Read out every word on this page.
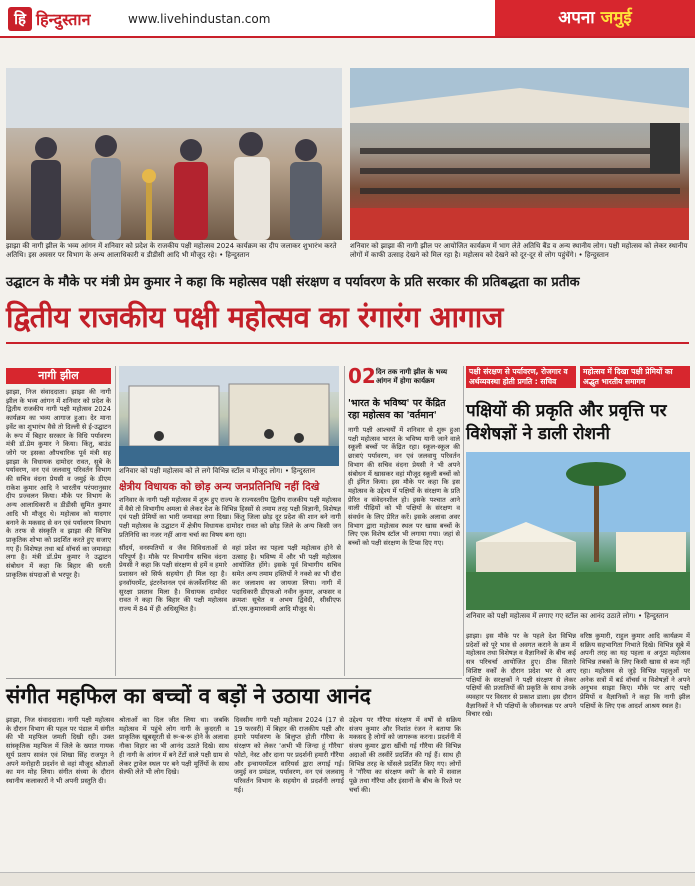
हि हिन्दुस्तान	www.livehindustan.com	अपना जमुई
झाझा की नागी झील के भव्य आंगन में शनिवार को प्रदेश के राजकीय पक्षी महोत्सव 2024 कार्यक्रम का दीप जलाकर शुभारंभ करते अतिथि। इस अवसर पर विभाग के अन्य आलाधिकारी व डीडीसी आदि भी मौजूद रहे। • हिन्दुस्तान
शनिवार को झाझा की नागी झील पर आयोजित कार्यक्रम में भाग लेते अतिथि बैंड व अन्य स्थानीय लोग। पक्षी महोत्सव को लेकर स्थानीय लोगों में काफी उत्साह देखने को मिल रहा है। महोत्सव को देखने को दूर-दूर से लोग पहुंचेंगे। • हिन्दुस्तान
उद्घाटन के मौके पर मंत्री प्रेम कुमार ने कहा कि महोत्सव पक्षी संरक्षण व पर्यावरण के प्रति सरकार की प्रतिबद्धता का प्रतीक
द्वितीय राजकीय पक्षी महोत्सव का रंगारंग आगाज
नागी झील
झाझा, निज संवाददाता। झाझा की नागी झील के भव्य आंगन में शनिवार को प्रदेश के द्वितीय राजकीय नागी पक्षी महोत्सव 2024 कार्यक्रम का भव्य आगाज हुआ। देर माना इवेंट का शुभारंभ वैसे तो दिल्ली से ई-उद्घाटन के रूप में बिहार सरकार के विधि पर्यावरण मंत्री डॉ.प्रेम कुमार ने किया। किंतु, बाउंड जोगे पर इसका औपचारिक पूर्व मंत्री सह झाझा के विधायक दामोदर रावत, सुबे के पर्यावरण, वन एवं जलवायु परिवर्तन विभाग की सचिव वंदना प्रेयसी व जमुई के डीएम राकेश कुमार आदि ने भारतीय परंपरानुसार दीप प्रज्वलन किया। मौके पर विभाग के अन्य आलाधिकारी व डीडीसी सुमित कुमार आदि भी मौजूद थे। महोत्सव को यादगार बनाने के मकसद से वन एवं पर्यावरण विभाग के तरफ से संस्कृति व झाझा की विभिन्न प्राकृतिक शोभा को प्रदर्शित करते हुए सजाए गए हैं। विशेषज्ञ तथा बर्ड वॉचर्स का जमावड़ा लगा है। मंत्री डॉ.प्रेम कुमार ने उद्घाटन संबोधन में कहा कि बिहार की धरती प्राकृतिक संपदाओं से भरपूर है।
शनिवार को पक्षी महोत्सव को ले लगे विभिन्न स्टॉल व मौजूद लोग। • हिन्दुस्तान
क्षेत्रीय विधायक को छोड़ अन्य जनप्रतिनिधि नहीं दिखे
शनिवार के नागी पक्षी महोत्सव में शुरू हुए राज्य के राज्यस्तरीय द्वितीय राजकीय पक्षी महोत्सव में वैसे तो विभागीय अमला से लेकर देश के विभिन्न हिस्सों से तमाम तरह पक्षी विज्ञानी, विशेषज्ञ एवं पक्षी प्रेमियों का भारी जमावड़ा लगा दिखा। किंतु जिला छोड़ दूर प्रदेश की शान बने नागी पक्षी महोत्सव के उद्घाटन में क्षेत्रीय विधायक दामोदर रावत को छोड़ जिले के अन्य किसी जन प्रतिनिधि का नजर नहीं आना चर्चा का विषय बना रहा।
सौंदर्य, वनस्पतियों व जैव विविधताओं से परिपूर्ण है। मौके पर विभागीय सचिव वंदना प्रेयसी ने कहा कि पक्षी संरक्षण से हमें व हमारे प्रशासन को सिर्फ सहयोग ही मिल रहा है। इनवॉयरमेंट, इंटरनेशनल एवं कंजर्वेशनिस्ट की सुरक्षा प्रस्ताव मिला है। विधायक दामोदर रावत ने कहा कि बिहार की पक्षी महोत्सव राज्य में 84 में ही अधिसूचित है।
वहां प्रदेश का पहला पक्षी महोत्सव होने से उत्साह है। भविष्य में और भी पक्षी महोत्सव आयोजित होंगे। इसके पूर्व विभागीय सचिव समेत अन्य तमाम हस्तियों ने नक्शे का भी दौरा कर जलाशय का जायजा लिया। नागी में पदाधिकारी डीएफओ नवीन कुमार, अफसर व क्रमशः सूचेत व अभय द्विवेदी, सीसीएफ डॉ.एस.कुमारस्वामी आदि मौजूद थे।
02 दिन तक नागी झील के भव्य आंगन में होगा कार्यक्रम
'भारत के भविष्य' पर केंद्रित रहा महोत्सव का 'वर्तमान'
नागी पक्षी आश्चर्यों में शनिवार से शुरू हुआ पक्षी महोत्सव भारत के भविष्य यानी जाने वाले स्कूली बच्चों पर केंद्रित रहा। स्कूल-स्कूल की छात्राएं पर्यावरण, वन एवं जलवायु परिवर्तन विभाग की सचिव वंदना प्रेयसी ने भी अपने संबोधन में खासकर वहां मौजूद स्कूली बच्चों को ही इंगित किया। इस मौके पर कहा कि इस महोत्सव के उद्देश्य में पक्षियों के संरक्षण के प्रति प्रेरित व संवेदनशील हो। इसके पश्चात आने वाली पीढ़ियों को भी पक्षियों के संरक्षण व संवर्धन के लिए प्रेरित करें। इसके अलावा अवर विभाग द्वारा महोत्सव स्थल पर खास बच्चों के लिए एक विशेष स्टॉल भी लगाया गया। जहां से बच्चों को पक्षी संरक्षण के टिप्स दिए गए।
पक्षी संरक्षण से पर्यावरण, रोजगार व अर्थव्यवस्था होती प्रगति : सचिव
महोत्सव में दिखा पक्षी प्रेमियों का अद्भुत भारतीय समागम
पक्षियों की प्रकृति और प्रवृत्ति पर विशेषज्ञों ने डाली रोशनी
शनिवार को पक्षी महोत्सव में लगाए गए स्टॉल का आनंद उठाते लोग। • हिन्दुस्तान
झाझा। इस मौके पर के पहले देश विभिन्न प्रदेशों को पूरे भाव से अवगत कराने के क्रम में महोत्सव तथा विशेषज्ञ व वैज्ञानिकों के बीच कई सत्र परिचर्चा आयोजित हुए। ठीक सितारे विशिष्ट वर्कों के दौरान प्रदेश भर से आए पक्षियों के सरक्षकों ने पक्षी संरक्षण से लेकर पक्षियों की प्रजातियों की प्रकृति के साथ उनके व्यवहार पर विस्तार से प्रकाश डाला। इस दौरान वैज्ञानिकों ने भी पक्षियों के जीवनचक्र पर अपने विचार रखे।
वरिष्ठ कुमारी, राहुल कुमार आदि कार्यक्रम में सक्रिय सहभागिता निभाते दिखे। विभिन्न सूबे में अपनी तरह का यह पहला व अनूठा महोत्सव विभिन्न तबकों के लिए किसी खास से कम नहीं रहा। महोत्सव से जुड़े विभिन्न पहलुओं पर अनेक सत्रों में बर्ड वॉचर्स व विशेषज्ञों ने अपने अनुभव साझा किए। मौके पर आए पक्षी प्रेमियों व वैज्ञानिकों ने कहा कि नागी झील पक्षियों के लिए एक आदर्श आश्रय स्थल है।
संगीत महफिल का बच्चों व बड़ों ने उठाया आनंद
झाझा, निज संवाददाता। नागी पक्षी महोत्सव के दौरान विभाग की पहल पर पंडाल में संगीत की भी महफिल जमती दिखी रही। उक्त सांस्कृतिक महफिल में जिले के ख्यात गायक सूर्य प्रताप सावंत एवं शिखा सिंह राजपूत ने अपने मनोहारी प्रदर्शन से वहां मौजूद श्रोताओं का मन मोह लिया। संगीत संध्या के दौरान स्थानीय कलाकारों ने भी अपनी प्रस्तुति दी।
श्रोताओं का दिल जीत लिया था। जबकि महोत्सव में पहुंचे लोग नागी के कुदरती व प्राकृतिक खूबसूरती से रू-ब-रू होने के अलावा नौका विहार का भी आनंद उठाते दिखे। साथ ही नागी के आंगन में बने टेंटों वाले पक्षी ग्राम से लेकर ट्रावेल स्थल पर बने पक्षी मूर्तियों के साथ सेल्फी लेते भी लोग दिखे।
दिवसीय नागी पक्षी महोत्सव 2024 (17 से 19 फरवरी) में बिहार की राजकीय पक्षी और हमारे पर्यावरण के बिलुप्त होती गौरैया के संरक्षण को लेकर 'अभी भी जिन्दा हूं गौरैया' फोटो, नेस्ट और दाना पर प्रदर्शनी हमारी गौरैया और इन्वायरमेंटल वारियर्स द्वारा लगाई गई। जमुई वन प्रमंडल, पर्यावरण, वन एवं जलवायु परिवर्तन विभाग के सहयोग से प्रदर्शनी लगाई गई।
उद्देश्य पर गौरैया संरक्षण में वर्षों से सक्रिय संजय कुमार और निशांत रंजन ने बताया कि मकसद है लोगों को जागरूक करना। प्रदर्शनी में संजय कुमार द्वारा खींची गई गौरैया की विभिन्न अदाओं की तस्वीरें प्रदर्शित की गई हैं। साथ ही विभिन्न तरह के घोंसले प्रदर्शित किए गए। लोगों ने 'गौरैया का संरक्षण क्यों' के बारे में सवाल पूछे तथा गौरैया और इंसानों के बीच के रिश्ते पर चर्चा की।
